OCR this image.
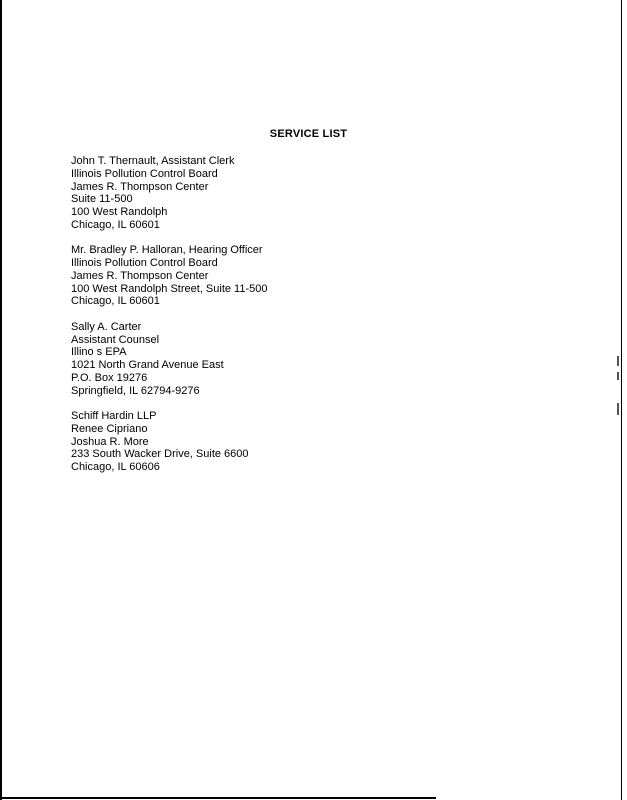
SERVICE LIST
John T. Thernault, Assistant Clerk
Illinois Pollution Control Board
James R. Thompson Center
Suite 11-500
100 West Randolph
Chicago, IL 60601
Mr. Bradley P. Halloran, Hearing Officer
Illinois Pollution Control Board
James R. Thompson Center
100 West Randolph Street, Suite 11-500
Chicago, IL 60601
Sally A. Carter
Assistant Counsel
Illino s EPA
1021 North Grand Avenue East
P.O. Box 19276
Springfield, IL 62794-9276
Schiff Hardin LLP
Renee Cipriano
Joshua R. More
233 South Wacker Drive, Suite 6600
Chicago, IL 60606
